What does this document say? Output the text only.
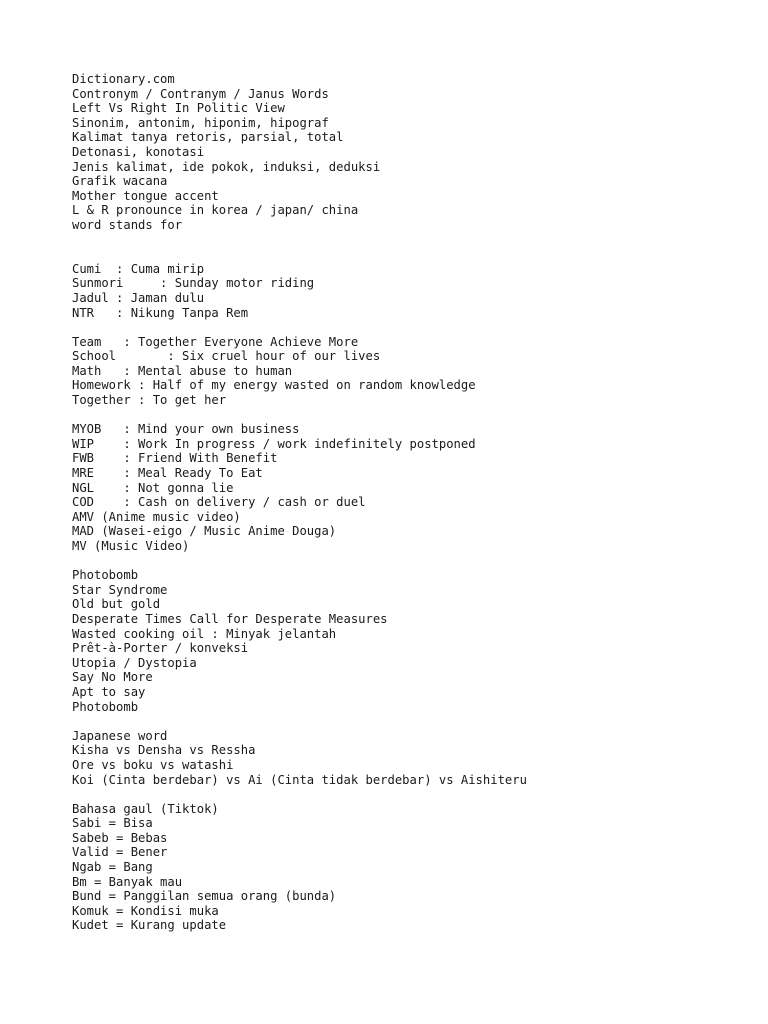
Dictionary.com
Contronym / Contranym / Janus Words
Left Vs Right In Politic View
Sinonim, antonim, hiponim, hipograf
Kalimat tanya retoris, parsial, total
Detonasi, konotasi
Jenis kalimat, ide pokok, induksi, deduksi
Grafik wacana
Mother tongue accent
L & R pronounce in korea / japan/ china
word stands for
Cumi  : Cuma mirip
Sunmori     : Sunday motor riding
Jadul : Jaman dulu
NTR   : Nikung Tanpa Rem
Team   : Together Everyone Achieve More
School       : Six cruel hour of our lives
Math   : Mental abuse to human
Homework : Half of my energy wasted on random knowledge
Together : To get her
MYOB   : Mind your own business
WIP    : Work In progress / work indefinitely postponed
FWB    : Friend With Benefit
MRE    : Meal Ready To Eat
NGL    : Not gonna lie
COD    : Cash on delivery / cash or duel
AMV (Anime music video)
MAD (Wasei-eigo / Music Anime Douga)
MV (Music Video)
Photobomb
Star Syndrome
Old but gold
Desperate Times Call for Desperate Measures
Wasted cooking oil : Minyak jelantah
Prêt-à-Porter / konveksi
Utopia / Dystopia
Say No More
Apt to say
Photobomb
Japanese word
Kisha vs Densha vs Ressha
Ore vs boku vs watashi
Koi (Cinta berdebar) vs Ai (Cinta tidak berdebar) vs Aishiteru
Bahasa gaul (Tiktok)
Sabi = Bisa
Sabeb = Bebas
Valid = Bener
Ngab = Bang
Bm = Banyak mau
Bund = Panggilan semua orang (bunda)
Komuk = Kondisi muka
Kudet = Kurang update
